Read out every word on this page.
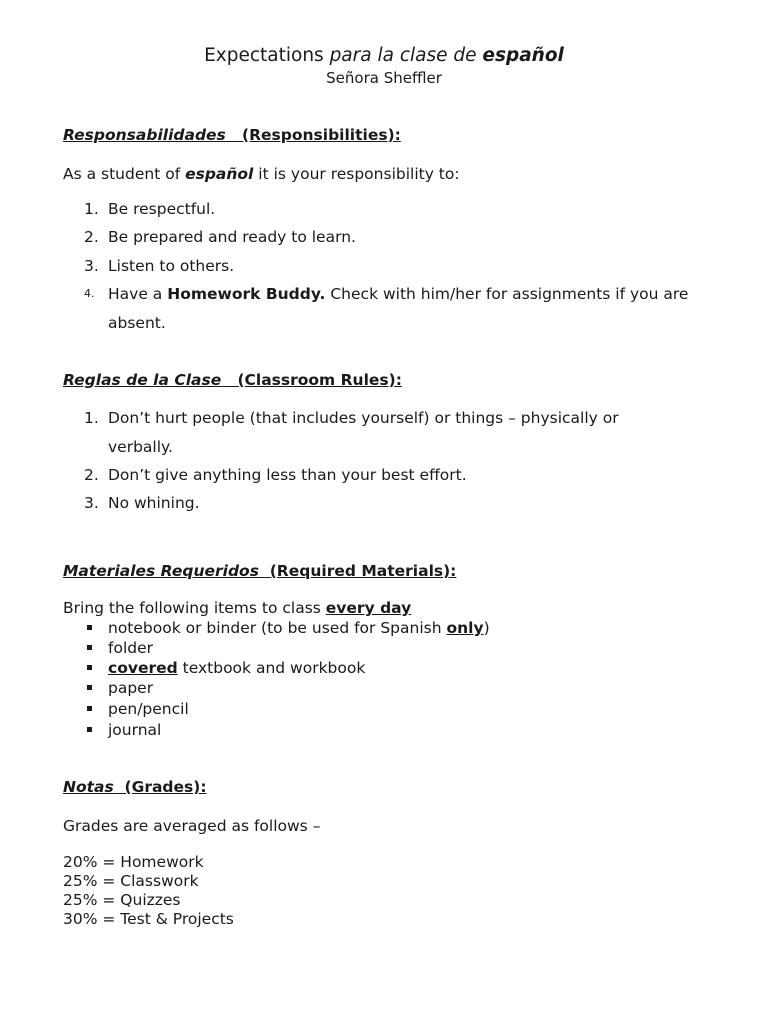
Expectations para la clase de español
Señora Sheffler
Responsabilidades (Responsibilities):
As a student of español it is your responsibility to:
1. Be respectful.
2. Be prepared and ready to learn.
3. Listen to others.
4. Have a Homework Buddy. Check with him/her for assignments if you are absent.
Reglas de la Clase (Classroom Rules):
1. Don’t hurt people (that includes yourself) or things – physically or verbally.
2. Don’t give anything less than your best effort.
3. No whining.
Materiales Requeridos (Required Materials):
Bring the following items to class every day
notebook or binder (to be used for Spanish only)
folder
covered textbook and workbook
paper
pen/pencil
journal
Notas (Grades):
Grades are averaged as follows –
20% = Homework
25% = Classwork
25% = Quizzes
30% = Test & Projects
